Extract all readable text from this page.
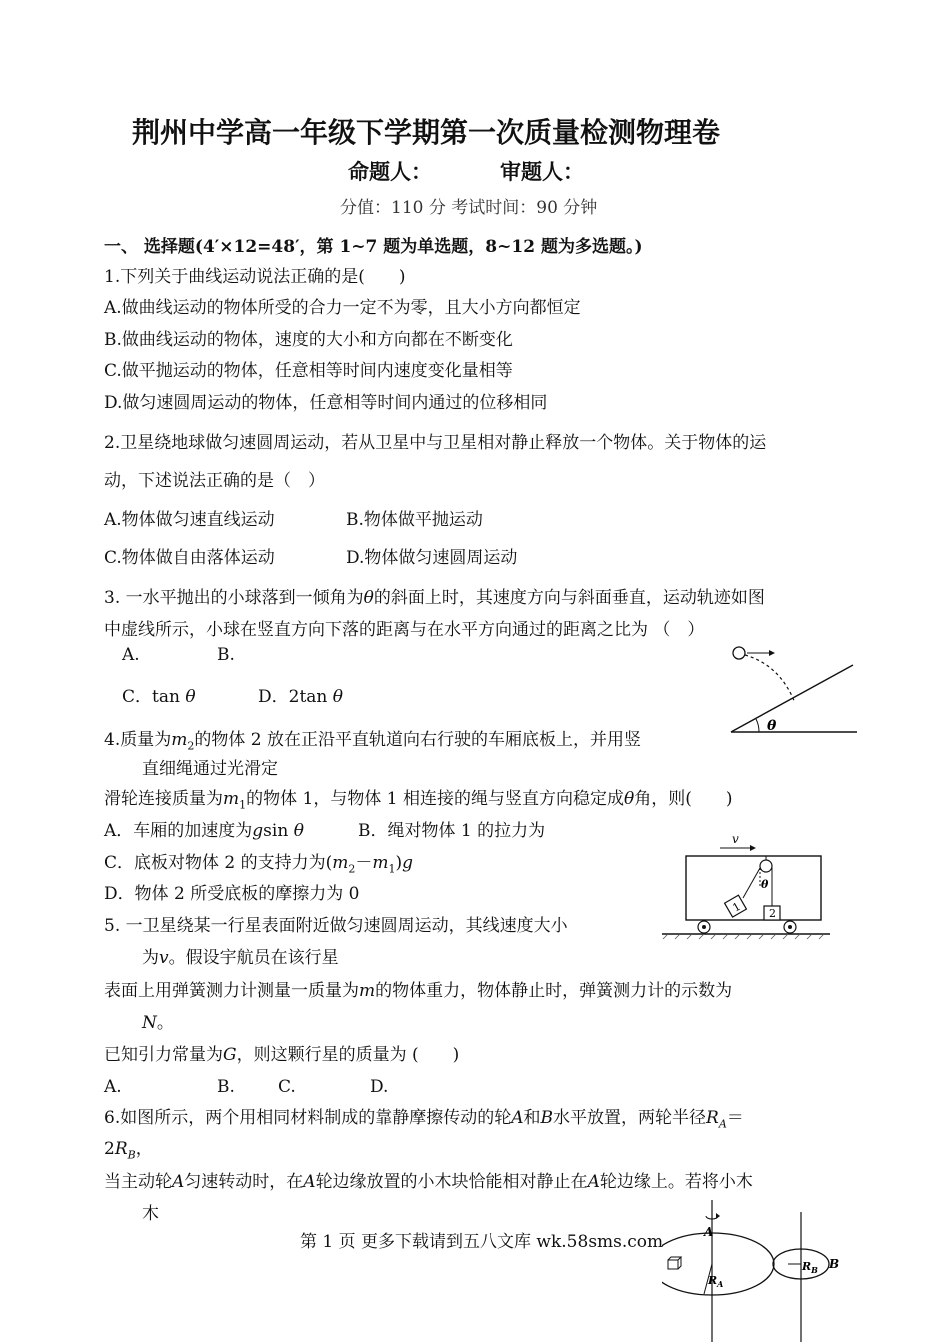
荆州中学高一年级下学期第一次质量检测物理卷
命题人：	审题人：
分值：110 分 考试时间：90 分钟
一、 选择题(4′×12=48′，第 1~7 题为单选题，8~12 题为多选题。)
1.下列关于曲线运动说法正确的是(　　)
A.做曲线运动的物体所受的合力一定不为零，且大小方向都恒定
B.做曲线运动的物体，速度的大小和方向都在不断变化
C.做平抛运动的物体，任意相等时间内速度变化量相等
D.做匀速圆周运动的物体，任意相等时间内通过的位移相同
2.卫星绕地球做匀速圆周运动，若从卫星中与卫星相对静止释放一个物体。关于物体的运
动，下述说法正确的是（　）
A.物体做匀速直线运动	B.物体做平抛运动
C.物体做自由落体运动	D.物体做匀速圆周运动
3. 一水平抛出的小球落到一倾角为θ的斜面上时，其速度方向与斜面垂直，运动轨迹如图
中虚线所示，小球在竖直方向下落的距离与在水平方向通过的距离之比为 （　）
A.	B.
C．tan θ	D．2tan θ
θ
4.质量为$m_2$的物体 2 放在正沿平直轨道向右行驶的车厢底板上，并用竖
直细绳通过光滑定
滑轮连接质量为$m_1$的物体 1，与物体 1 相连接的绳与竖直方向稳定成θ角，则(　　)
A．车厢的加速度为gsin θ	B．绳对物体 1 的拉力为
C．底板对物体 2 的支持力为$(m_2-m_1)g$
D．物体 2 所受底板的摩擦力为 0
v
θ
1 2
5. 一卫星绕某一行星表面附近做匀速圆周运动，其线速度大小
为v。假设宇航员在该行星
表面上用弹簧测力计测量一质量为m的物体重力，物体静止时，弹簧测力计的示数为
N。
已知引力常量为G，则这颗行星的质量为 (　　)
A.	B.	C.	D.
6.如图所示，两个用相同材料制成的靠静摩擦传动的轮A和B水平放置，两轮半径$R_A=$
$2R_B$，
当主动轮A匀速转动时，在A轮边缘放置的小木块恰能相对静止在A轮边缘上。若将小木
木
A
$R_A$
B
$R_B$
第 1 页 更多下载请到五八文库 wk.58sms.com
